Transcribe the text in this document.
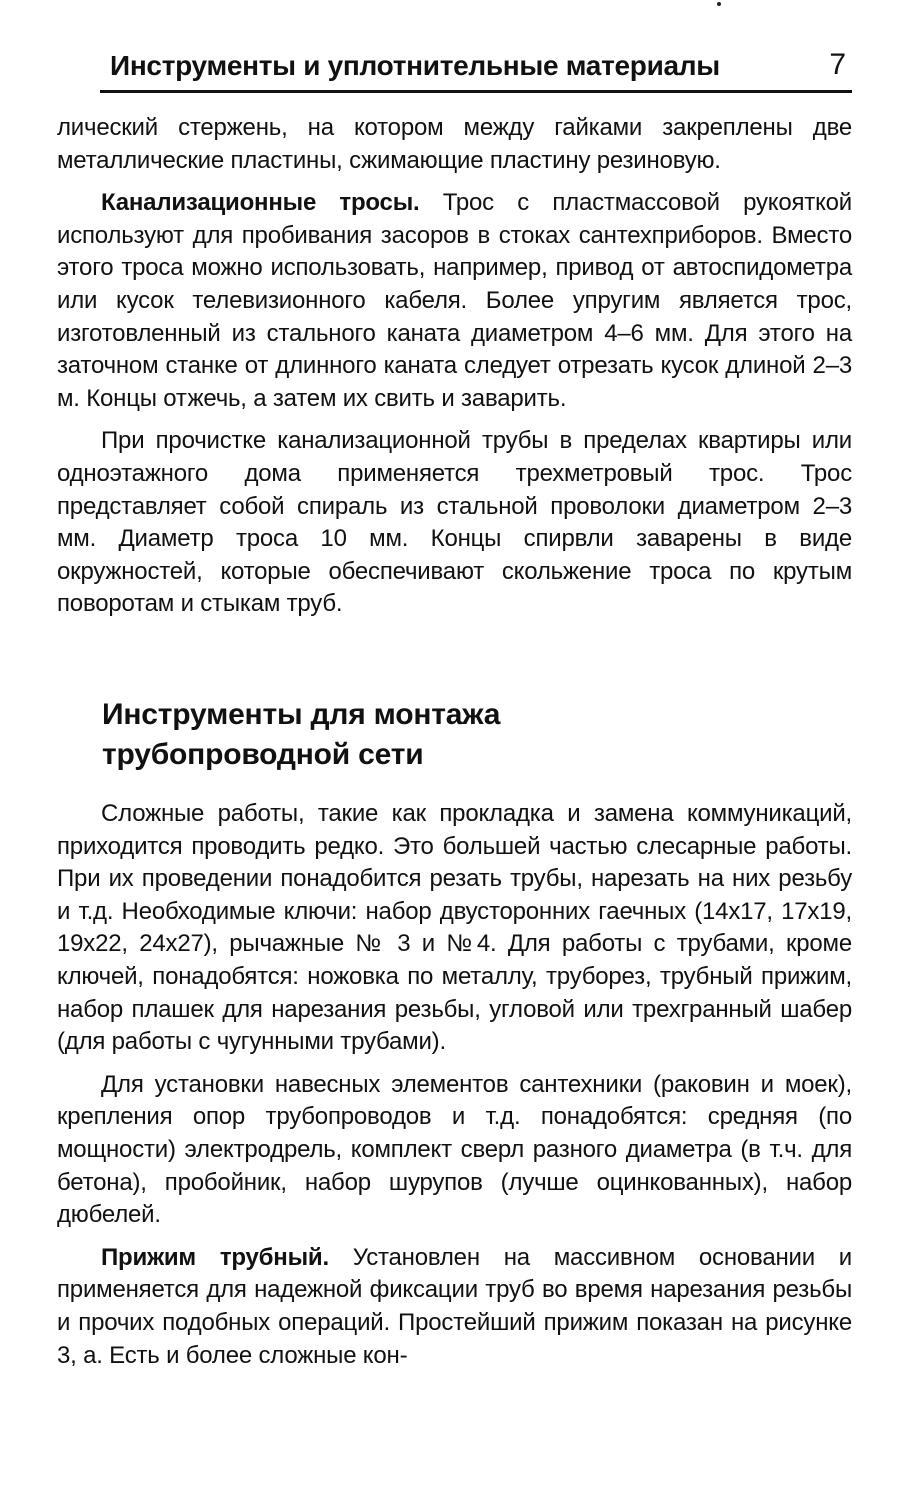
Инструменты и уплотнительные материалы	7

лический стержень, на котором между гайками закреплены две металлические пластины, сжимающие пластину резиновую.

Канализационные тросы. Трос с пластмассовой рукояткой используют для пробивания засоров в стоках сантехприборов. Вместо этого троса можно использовать, например, привод от автоспидометра или кусок телевизионного кабеля. Более упругим является трос, изготовленный из стального каната диаметром 4–6 мм. Для этого на заточном станке от длинного каната следует отрезать кусок длиной 2–3 м. Концы отжечь, а затем их свить и заварить.

При прочистке канализационной трубы в пределах квартиры или одноэтажного дома применяется трехметровый трос. Трос представляет собой спираль из стальной проволоки диаметром 2–3 мм. Диаметр троса 10 мм. Концы спирвли заварены в виде окружностей, которые обеспечивают скольжение троса по крутым поворотам и стыкам труб.

Инструменты для монтажа
трубопроводной сети

Сложные работы, такие как прокладка и замена коммуникаций, приходится проводить редко. Это большей частью слесарные работы. При их проведении понадобится резать трубы, нарезать на них резьбу и т.д. Необходимые ключи: набор двусторонних гаечных (14x17, 17x19, 19x22, 24x27), рычажные № 3 и №4. Для работы с трубами, кроме ключей, понадобятся: ножовка по металлу, труборез, трубный прижим, набор плашек для нарезания резьбы, угловой или трехгранный шабер (для работы с чугунными трубами).

Для установки навесных элементов сантехники (раковин и моек), крепления опор трубопроводов и т.д. понадобятся: средняя (по мощности) электродрель, комплект сверл разного диаметра (в т.ч. для бетона), пробойник, набор шурупов (лучше оцинкованных), набор дюбелей.

Прижим трубный. Установлен на массивном основании и применяется для надежной фиксации труб во время нарезания резьбы и прочих подобных операций. Простейший прижим показан на рисунке 3, а. Есть и более сложные кон-
